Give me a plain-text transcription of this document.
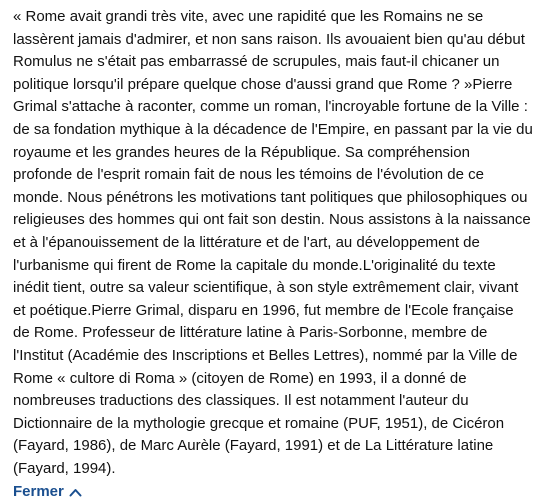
« Rome avait grandi très vite, avec une rapidité que les Romains ne se lassèrent jamais d'admirer, et non sans raison. Ils avouaient bien qu'au début Romulus ne s'était pas embarrassé de scrupules, mais faut-il chicaner un politique lorsqu'il prépare quelque chose d'aussi grand que Rome ? »Pierre Grimal s'attache à raconter, comme un roman, l'incroyable fortune de la Ville : de sa fondation mythique à la décadence de l'Empire, en passant par la vie du royaume et les grandes heures de la République. Sa compréhension profonde de l'esprit romain fait de nous les témoins de l'évolution de ce monde. Nous pénétrons les motivations tant politiques que philosophiques ou religieuses des hommes qui ont fait son destin. Nous assistons à la naissance et à l'épanouissement de la littérature et de l'art, au développement de l'urbanisme qui firent de Rome la capitale du monde.L'originalité du texte inédit tient, outre sa valeur scientifique, à son style extrêmement clair, vivant et poétique.Pierre Grimal, disparu en 1996, fut membre de l'Ecole française de Rome. Professeur de littérature latine à Paris-Sorbonne, membre de l'Institut (Académie des Inscriptions et Belles Lettres), nommé par la Ville de Rome « cultore di Roma » (citoyen de Rome) en 1993, il a donné de nombreuses traductions des classiques. Il est notamment l'auteur du Dictionnaire de la mythologie grecque et romaine (PUF, 1951), de Cicéron (Fayard, 1986), de Marc Aurèle (Fayard, 1991) et de La Littérature latine (Fayard, 1994).

Fermer
